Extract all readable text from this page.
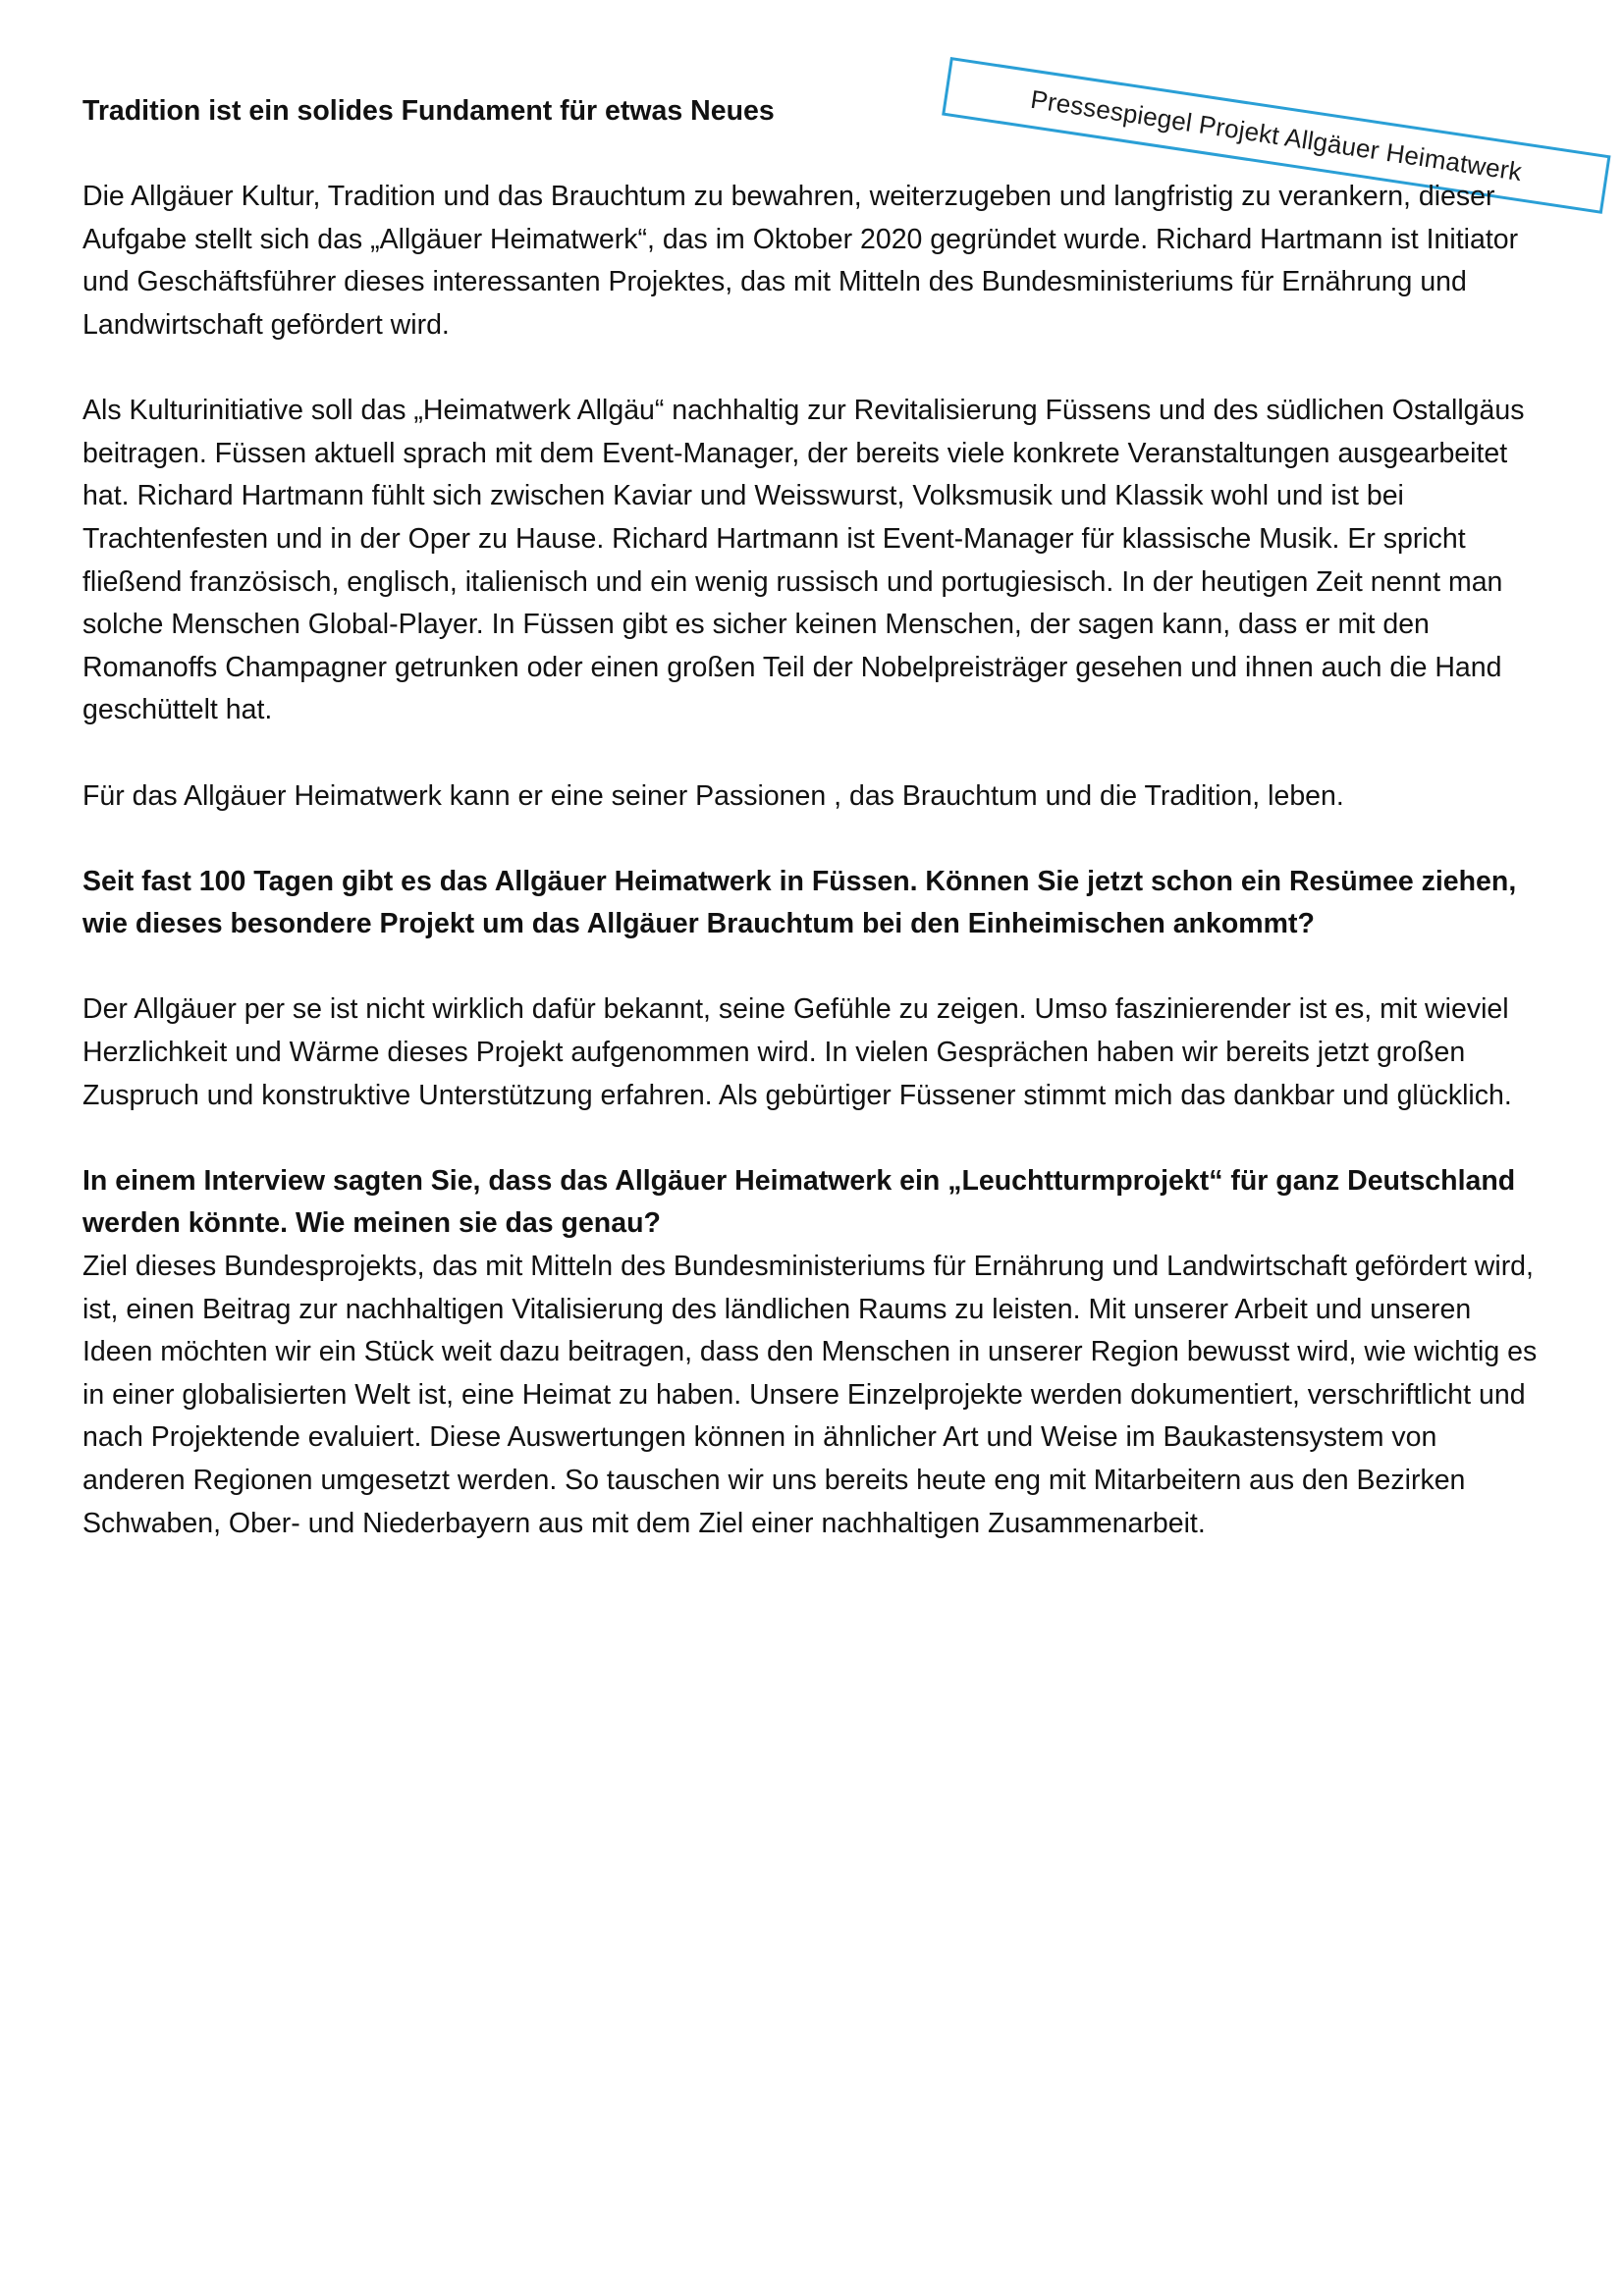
Pressespiegel Projekt Allgäuer Heimatwerk

Tradition ist ein solides Fundament für etwas Neues

Die Allgäuer Kultur, Tradition und das Brauchtum zu bewahren, weiterzugeben und langfristig zu verankern, dieser Aufgabe stellt sich das „Allgäuer Heimatwerk“, das im Oktober 2020 gegründet wurde. Richard Hartmann ist Initiator und Geschäftsführer dieses interessanten Projektes, das mit Mitteln des Bundesministeriums für Ernährung und Landwirtschaft gefördert wird.

Als Kulturinitiative soll das „Heimatwerk Allgäu“ nachhaltig zur Revitalisierung Füssens und des südlichen Ostallgäus beitragen. Füssen aktuell sprach mit dem Event-Manager, der bereits viele konkrete Veranstaltungen ausgearbeitet hat. Richard Hartmann fühlt sich zwischen Kaviar und Weisswurst, Volksmusik und Klassik wohl und ist bei Trachtenfesten und in der Oper zu Hause. Richard Hartmann ist Event-Manager für klassische Musik. Er spricht fließend französisch, englisch, italienisch und ein wenig russisch und portugiesisch. In der heutigen Zeit nennt man solche Menschen Global-Player. In Füssen gibt es sicher keinen Menschen, der sagen kann, dass er mit den Romanoffs Champagner getrunken oder einen großen Teil der Nobelpreisträger gesehen und ihnen auch die Hand geschüttelt hat.

Für das Allgäuer Heimatwerk kann er eine seiner Passionen , das Brauchtum und die Tradition, leben.

Seit fast 100 Tagen gibt es das Allgäuer Heimatwerk in Füssen. Können Sie jetzt schon ein Resümee ziehen, wie dieses besondere Projekt um das Allgäuer Brauchtum bei den Einheimischen ankommt?

Der Allgäuer per se ist nicht wirklich dafür bekannt, seine Gefühle zu zeigen. Umso faszinierender ist es, mit wieviel Herzlichkeit und Wärme dieses Projekt aufgenommen wird. In vielen Gesprächen haben wir bereits jetzt großen Zuspruch und konstruktive Unterstützung erfahren. Als gebürtiger Füssener stimmt mich das dankbar und glücklich.

In einem Interview sagten Sie, dass das Allgäuer Heimatwerk ein „Leuchtturmprojekt“ für ganz Deutschland werden könnte. Wie meinen sie das genau?

Ziel dieses Bundesprojekts, das mit Mitteln des Bundesministeriums für Ernährung und Landwirtschaft gefördert wird, ist, einen Beitrag zur nachhaltigen Vitalisierung des ländlichen Raums zu leisten. Mit unserer Arbeit und unseren Ideen möchten wir ein Stück weit dazu beitragen, dass den Menschen in unserer Region bewusst wird, wie wichtig es in einer globalisierten Welt ist, eine Heimat zu haben. Unsere Einzelprojekte werden dokumentiert, verschriftlicht und nach Projektende evaluiert. Diese Auswertungen können in ähnlicher Art und Weise im Baukastensystem von anderen Regionen umgesetzt werden. So tauschen wir uns bereits heute eng mit Mitarbeitern aus den Bezirken Schwaben, Ober- und Niederbayern aus mit dem Ziel einer nachhaltigen Zusammenarbeit.
